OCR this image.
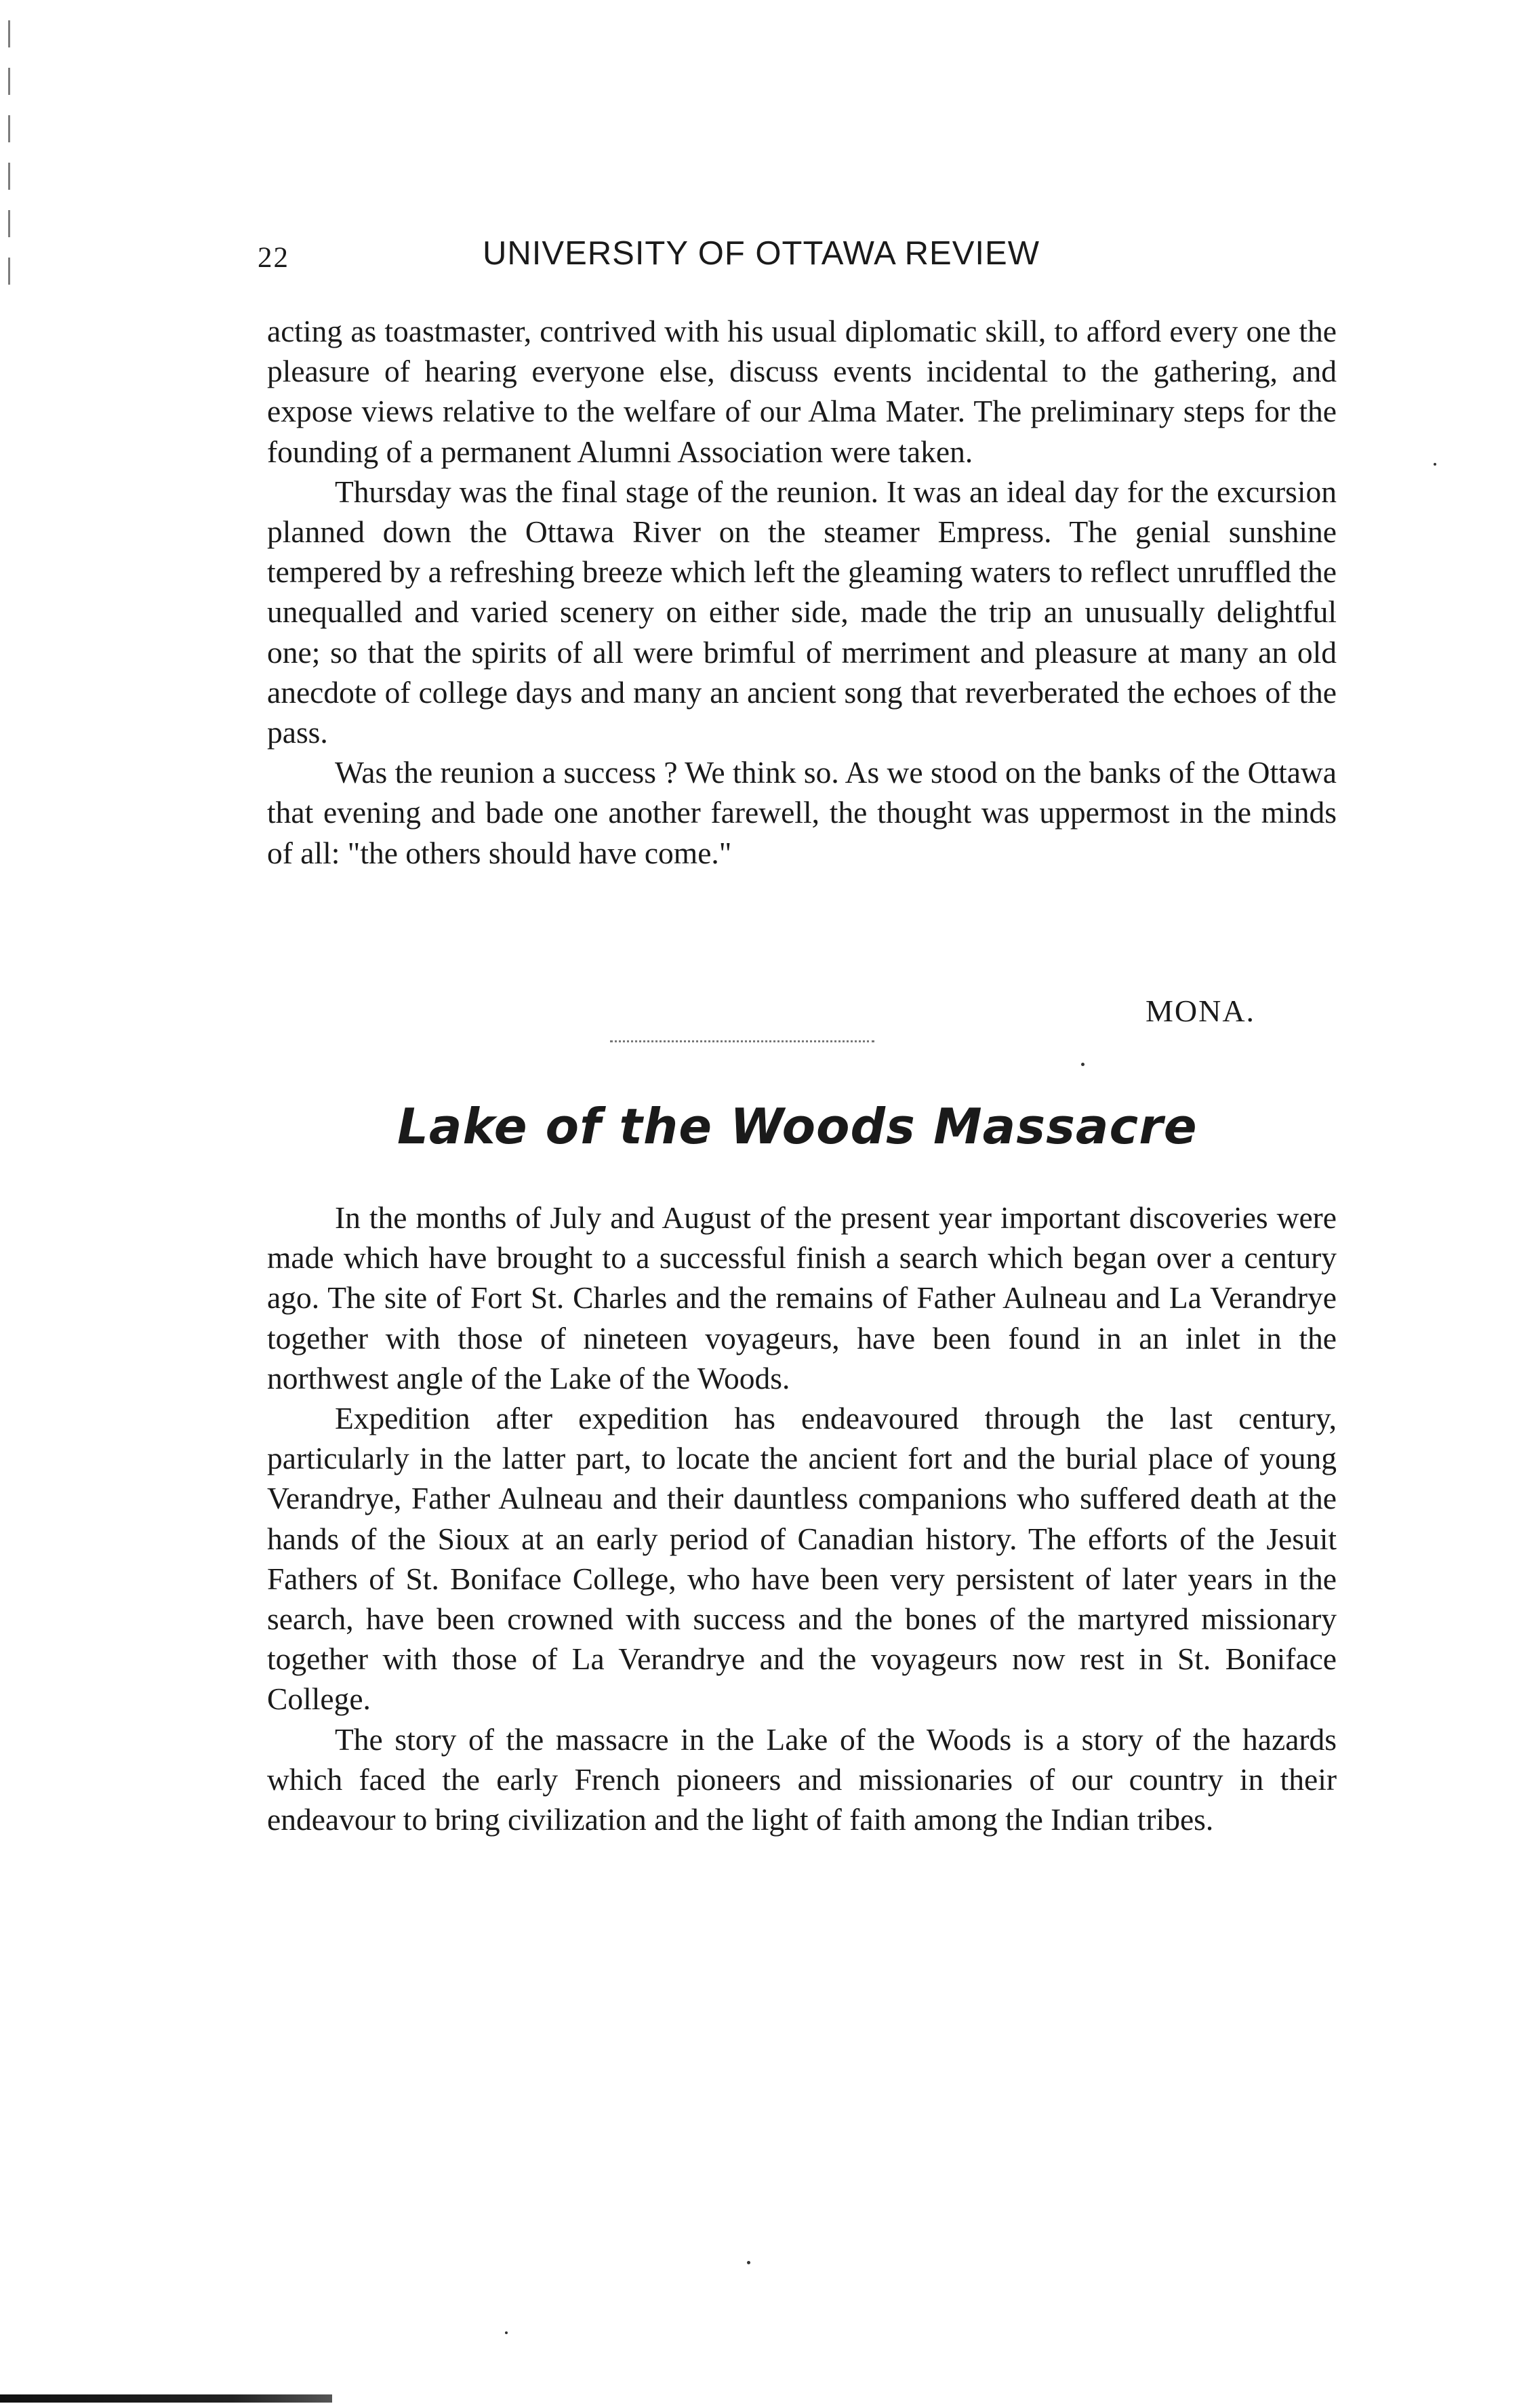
22	UNIVERSITY OF OTTAWA REVIEW

acting as toastmaster, contrived with his usual diplomatic skill, to afford every one the pleasure of hearing everyone else, discuss events incidental to the gathering, and expose views relative to the welfare of our Alma Mater. The preliminary steps for the founding of a permanent Alumni Association were taken.

Thursday was the final stage of the reunion. It was an ideal day for the excursion planned down the Ottawa River on the steamer Empress. The genial sunshine tempered by a refreshing breeze which left the gleaming waters to reflect unruffled the unequalled and varied scenery on either side, made the trip an unusually delightful one; so that the spirits of all were brimful of merriment and pleasure at many an old anecdote of college days and many an ancient song that reverberated the echoes of the pass.

Was the reunion a success ? We think so. As we stood on the banks of the Ottawa that evening and bade one another farewell, the thought was uppermost in the minds of all: "the others should have come."

MONA.
Lake of the Woods Massacre

In the months of July and August of the present year important discoveries were made which have brought to a successful finish a search which began over a century ago. The site of Fort St. Charles and the remains of Father Aulneau and La Verandrye together with those of nineteen voyageurs, have been found in an inlet in the northwest angle of the Lake of the Woods.

Expedition after expedition has endeavoured through the last century, particularly in the latter part, to locate the ancient fort and the burial place of young Verandrye, Father Aulneau and their dauntless companions who suffered death at the hands of the Sioux at an early period of Canadian history. The efforts of the Jesuit Fathers of St. Boniface College, who have been very persistent of later years in the search, have been crowned with success and the bones of the martyred missionary together with those of La Verandrye and the voyageurs now rest in St. Boniface College.

The story of the massacre in the Lake of the Woods is a story of the hazards which faced the early French pioneers and missionaries of our country in their endeavour to bring civilization and the light of faith among the Indian tribes.
